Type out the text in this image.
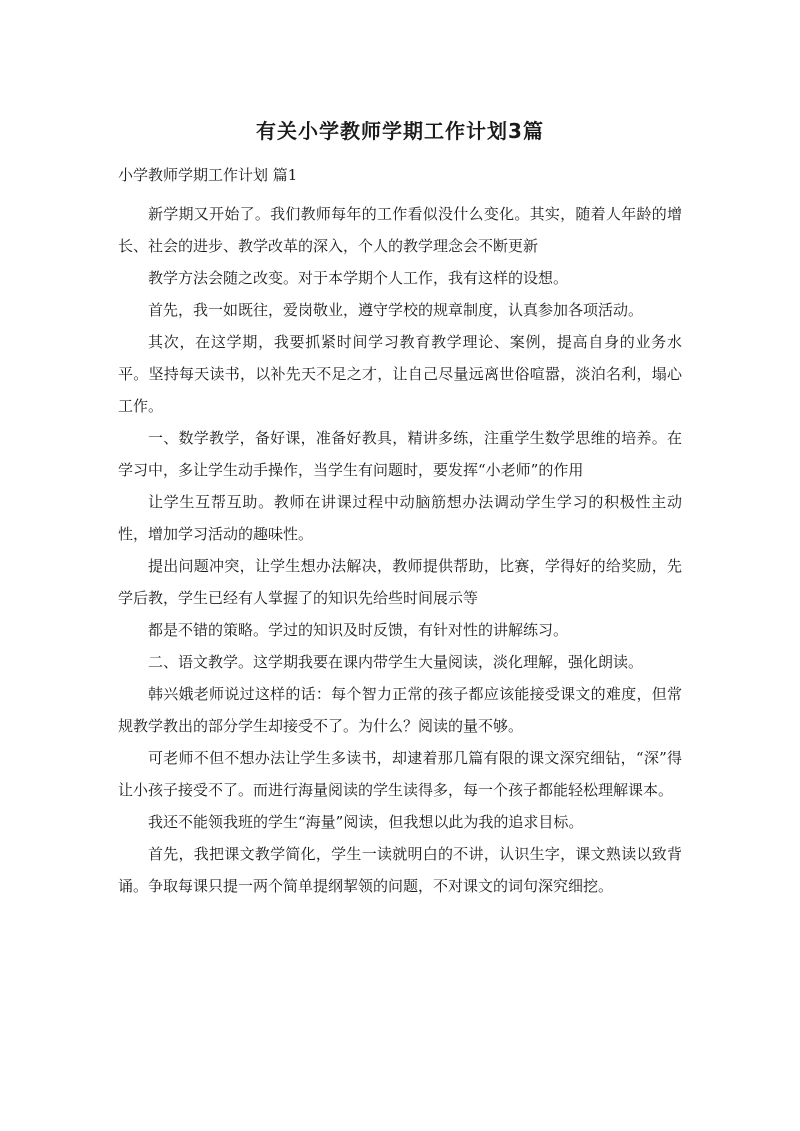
有关小学教师学期工作计划3篇
小学教师学期工作计划 篇1

新学期又开始了。我们教师每年的工作看似没什么变化。其实，随着人年龄的增长、社会的进步、教学改革的深入，个人的教学理念会不断更新

教学方法会随之改变。对于本学期个人工作，我有这样的设想。

首先，我一如既往，爱岗敬业，遵守学校的规章制度，认真参加各项活动。

其次，在这学期，我要抓紧时间学习教育教学理论、案例，提高自身的业务水平。坚持每天读书，以补先天不足之才，让自己尽量远离世俗喧嚣，淡泊名利，塌心工作。

一、数学教学，备好课，准备好教具，精讲多练，注重学生数学思维的培养。在学习中，多让学生动手操作，当学生有问题时，要发挥“小老师”的作用

让学生互帮互助。教师在讲课过程中动脑筋想办法调动学生学习的积极性主动性，增加学习活动的趣味性。

提出问题冲突，让学生想办法解决，教师提供帮助，比赛，学得好的给奖励，先学后教，学生已经有人掌握了的知识先给些时间展示等

都是不错的策略。学过的知识及时反馈，有针对性的讲解练习。

二、语文教学。这学期我要在课内带学生大量阅读，淡化理解，强化朗读。

韩兴娥老师说过这样的话：每个智力正常的孩子都应该能接受课文的难度，但常规教学教出的部分学生却接受不了。为什么？阅读的量不够。

可老师不但不想办法让学生多读书，却逮着那几篇有限的课文深究细钻，“深”得让小孩子接受不了。而进行海量阅读的学生读得多，每一个孩子都能轻松理解课本。

我还不能领我班的学生“海量”阅读，但我想以此为我的追求目标。

首先，我把课文教学简化，学生一读就明白的不讲，认识生字，课文熟读以致背诵。争取每课只提一两个简单提纲挈领的问题，不对课文的词句深究细挖。
